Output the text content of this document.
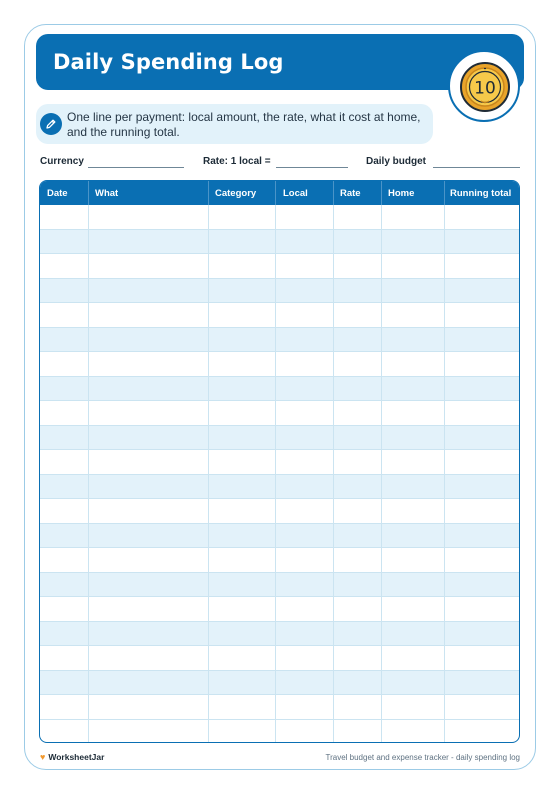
Daily Spending Log
10
One line per payment: local amount, the rate, what it cost at home, and the running total.
Currency	Rate: 1 local =	Daily budget
Date	What	Category	Local	Rate	Home	Running total
♥ WorksheetJar	Travel budget and expense tracker - daily spending log
